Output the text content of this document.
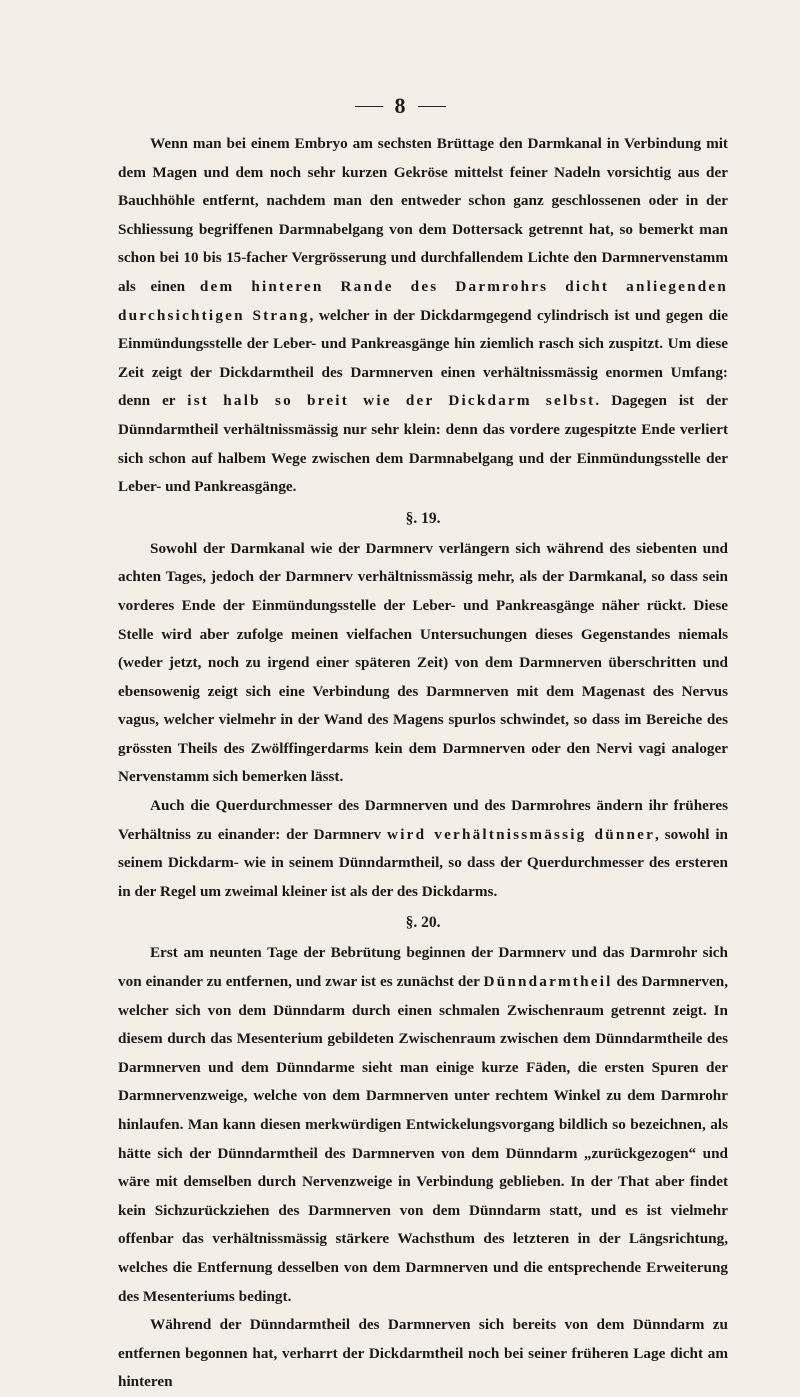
8

Wenn man bei einem Embryo am sechsten Brüttage den Darmkanal in Verbindung mit dem Magen und dem noch sehr kurzen Gekröse mittelst feiner Nadeln vorsichtig aus der Bauchhöhle entfernt, nachdem man den entweder schon ganz geschlossenen oder in der Schliessung begriffenen Darmnabelgang von dem Dottersack getrennt hat, so bemerkt man schon bei 10 bis 15-facher Vergrösserung und durchfallendem Lichte den Darmnervenstamm als einen dem hinteren Rande des Darmrohrs dicht anliegenden durchsichtigen Strang, welcher in der Dickdarmgegend cylindrisch ist und gegen die Einmündungsstelle der Leber- und Pankreasgänge hin ziemlich rasch sich zuspitzt. Um diese Zeit zeigt der Dickdarmtheil des Darmnerven einen verhältnissmässig enormen Umfang: denn er ist halb so breit wie der Dickdarm selbst. Dagegen ist der Dünndarmtheil verhältnissmässig nur sehr klein: denn das vordere zugespitzte Ende verliert sich schon auf halbem Wege zwischen dem Darmnabelgang und der Einmündungsstelle der Leber- und Pankreasgänge.

§. 19.

Sowohl der Darmkanal wie der Darmnerv verlängern sich während des siebenten und achten Tages, jedoch der Darmnerv verhältnissmässig mehr, als der Darmkanal, so dass sein vorderes Ende der Einmündungsstelle der Leber- und Pankreasgänge näher rückt. Diese Stelle wird aber zufolge meinen vielfachen Untersuchungen dieses Gegenstandes niemals (weder jetzt, noch zu irgend einer späteren Zeit) von dem Darmnerven überschritten und ebensowenig zeigt sich eine Verbindung des Darmnerven mit dem Magenast des Nervus vagus, welcher vielmehr in der Wand des Magens spurlos schwindet, so dass im Bereiche des grössten Theils des Zwölffingerdarms kein dem Darmnerven oder den Nervi vagi analoger Nervenstamm sich bemerken lässt.

Auch die Querdurchmesser des Darmnerven und des Darmrohres ändern ihr früheres Verhältniss zu einander: der Darmnerv wird verhältnissmässig dünner, sowohl in seinem Dickdarm- wie in seinem Dünndarmtheil, so dass der Querdurchmesser des ersteren in der Regel um zweimal kleiner ist als der des Dickdarms.

§. 20.

Erst am neunten Tage der Bebrütung beginnen der Darmnerv und das Darmrohr sich von einander zu entfernen, und zwar ist es zunächst der Dünndarmtheil des Darmnerven, welcher sich von dem Dünndarm durch einen schmalen Zwischenraum getrennt zeigt. In diesem durch das Mesenterium gebildeten Zwischenraum zwischen dem Dünndarmtheile des Darmnerven und dem Dünndarme sieht man einige kurze Fäden, die ersten Spuren der Darmnervenzweige, welche von dem Darmnerven unter rechtem Winkel zu dem Darmrohr hinlaufen. Man kann diesen merkwürdigen Entwickelungsvorgang bildlich so bezeichnen, als hätte sich der Dünndarmtheil des Darmnerven von dem Dünndarm „zurückgezogen“ und wäre mit demselben durch Nervenzweige in Verbindung geblieben. In der That aber findet kein Sichzurückziehen des Darmnerven von dem Dünndarm statt, und es ist vielmehr offenbar das verhältnissmässig stärkere Wachsthum des letzteren in der Längsrichtung, welches die Entfernung desselben von dem Darmnerven und die entsprechende Erweiterung des Mesenteriums bedingt.

Während der Dünndarmtheil des Darmnerven sich bereits von dem Dünndarm zu entfernen begonnen hat, verharrt der Dickdarmtheil noch bei seiner früheren Lage dicht am hinteren
